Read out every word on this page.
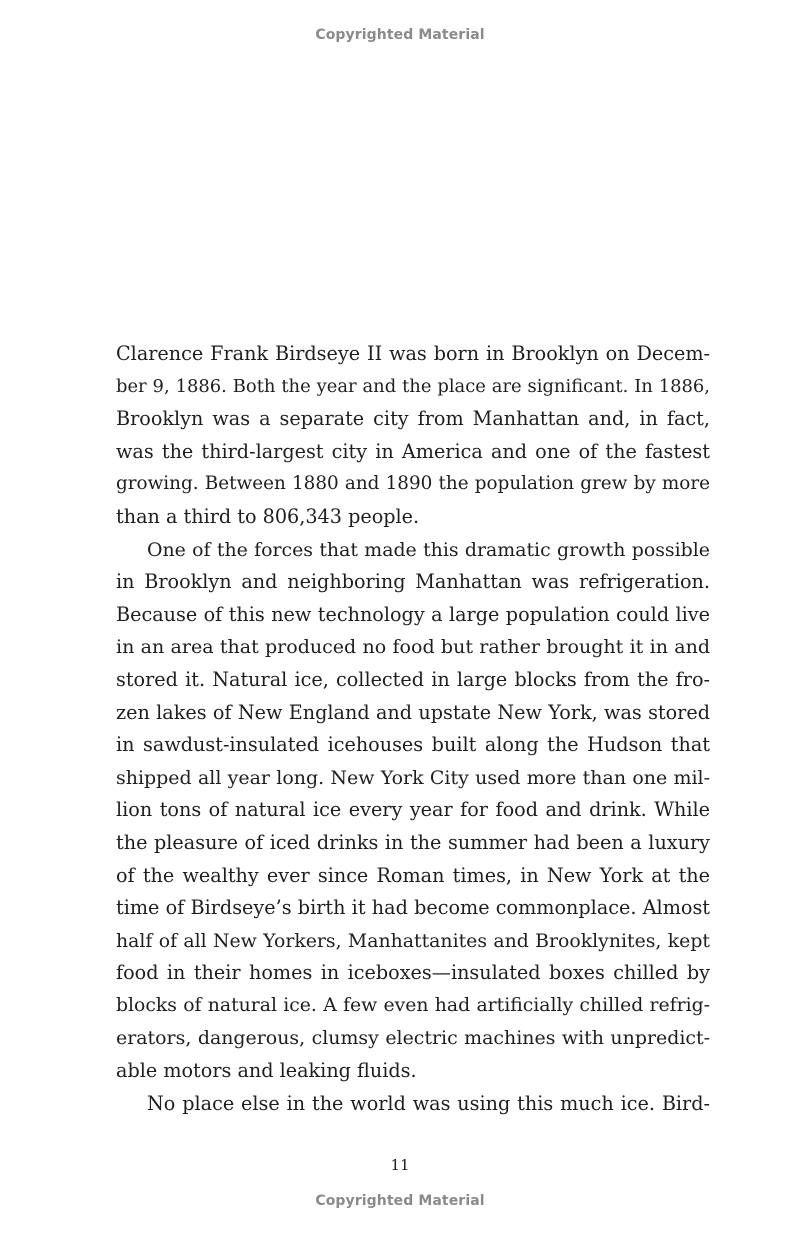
Copyrighted Material
Clarence Frank Birdseye II was born in Brooklyn on Decem-
ber 9, 1886. Both the year and the place are significant. In 1886,
Brooklyn was a separate city from Manhattan and, in fact,
was the third-largest city in America and one of the fastest
growing. Between 1880 and 1890 the population grew by more
than a third to 806,343 people.
One of the forces that made this dramatic growth possible
in Brooklyn and neighboring Manhattan was refrigeration.
Because of this new technology a large population could live
in an area that produced no food but rather brought it in and
stored it. Natural ice, collected in large blocks from the fro-
zen lakes of New England and upstate New York, was stored
in sawdust-insulated icehouses built along the Hudson that
shipped all year long. New York City used more than one mil-
lion tons of natural ice every year for food and drink. While
the pleasure of iced drinks in the summer had been a luxury
of the wealthy ever since Roman times, in New York at the
time of Birdseye’s birth it had become commonplace. Almost
half of all New Yorkers, Manhattanites and Brooklynites, kept
food in their homes in iceboxes—insulated boxes chilled by
blocks of natural ice. A few even had artificially chilled refrig-
erators, dangerous, clumsy electric machines with unpredict-
able motors and leaking fluids.
No place else in the world was using this much ice. Bird-
11
Copyrighted Material
